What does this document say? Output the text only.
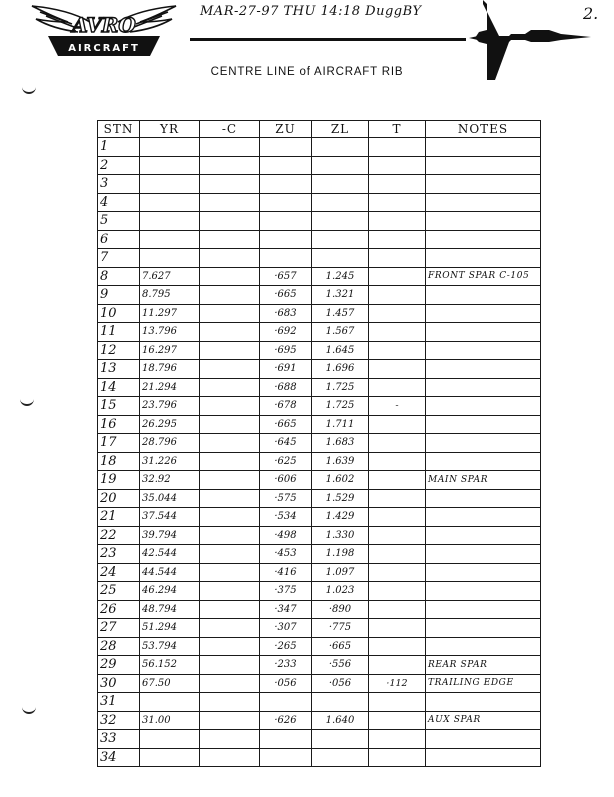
AVRO
AIRCRAFT
MAR-27-97 THU 14:18 DuggBY	2.
CENTRE LINE of AIRCRAFT RIB
STN	YR	-C	ZU	ZL	T	NOTES
1						
2						
3						
4						
5						
6						
7						
8	7.627		·657	1.245		FRONT SPAR C-105
9	8.795		·665	1.321		
10	11.297		·683	1.457		
11	13.796		·692	1.567		
12	16.297		·695	1.645		
13	18.796		·691	1.696		
14	21.294		·688	1.725		
15	23.796		·678	1.725	-	
16	26.295		·665	1.711		
17	28.796		·645	1.683		
18	31.226		·625	1.639		
19	32.92		·606	1.602		MAIN SPAR
20	35.044		·575	1.529		
21	37.544		·534	1.429		
22	39.794		·498	1.330		
23	42.544		·453	1.198		
24	44.544		·416	1.097		
25	46.294		·375	1.023		
26	48.794		·347	·890		
27	51.294		·307	·775		
28	53.794		·265	·665		
29	56.152		·233	·556		REAR SPAR
30	67.50		·056	·056	·112	TRAILING EDGE
31						
32	31.00		·626	1.640		AUX SPAR
33						
34						
